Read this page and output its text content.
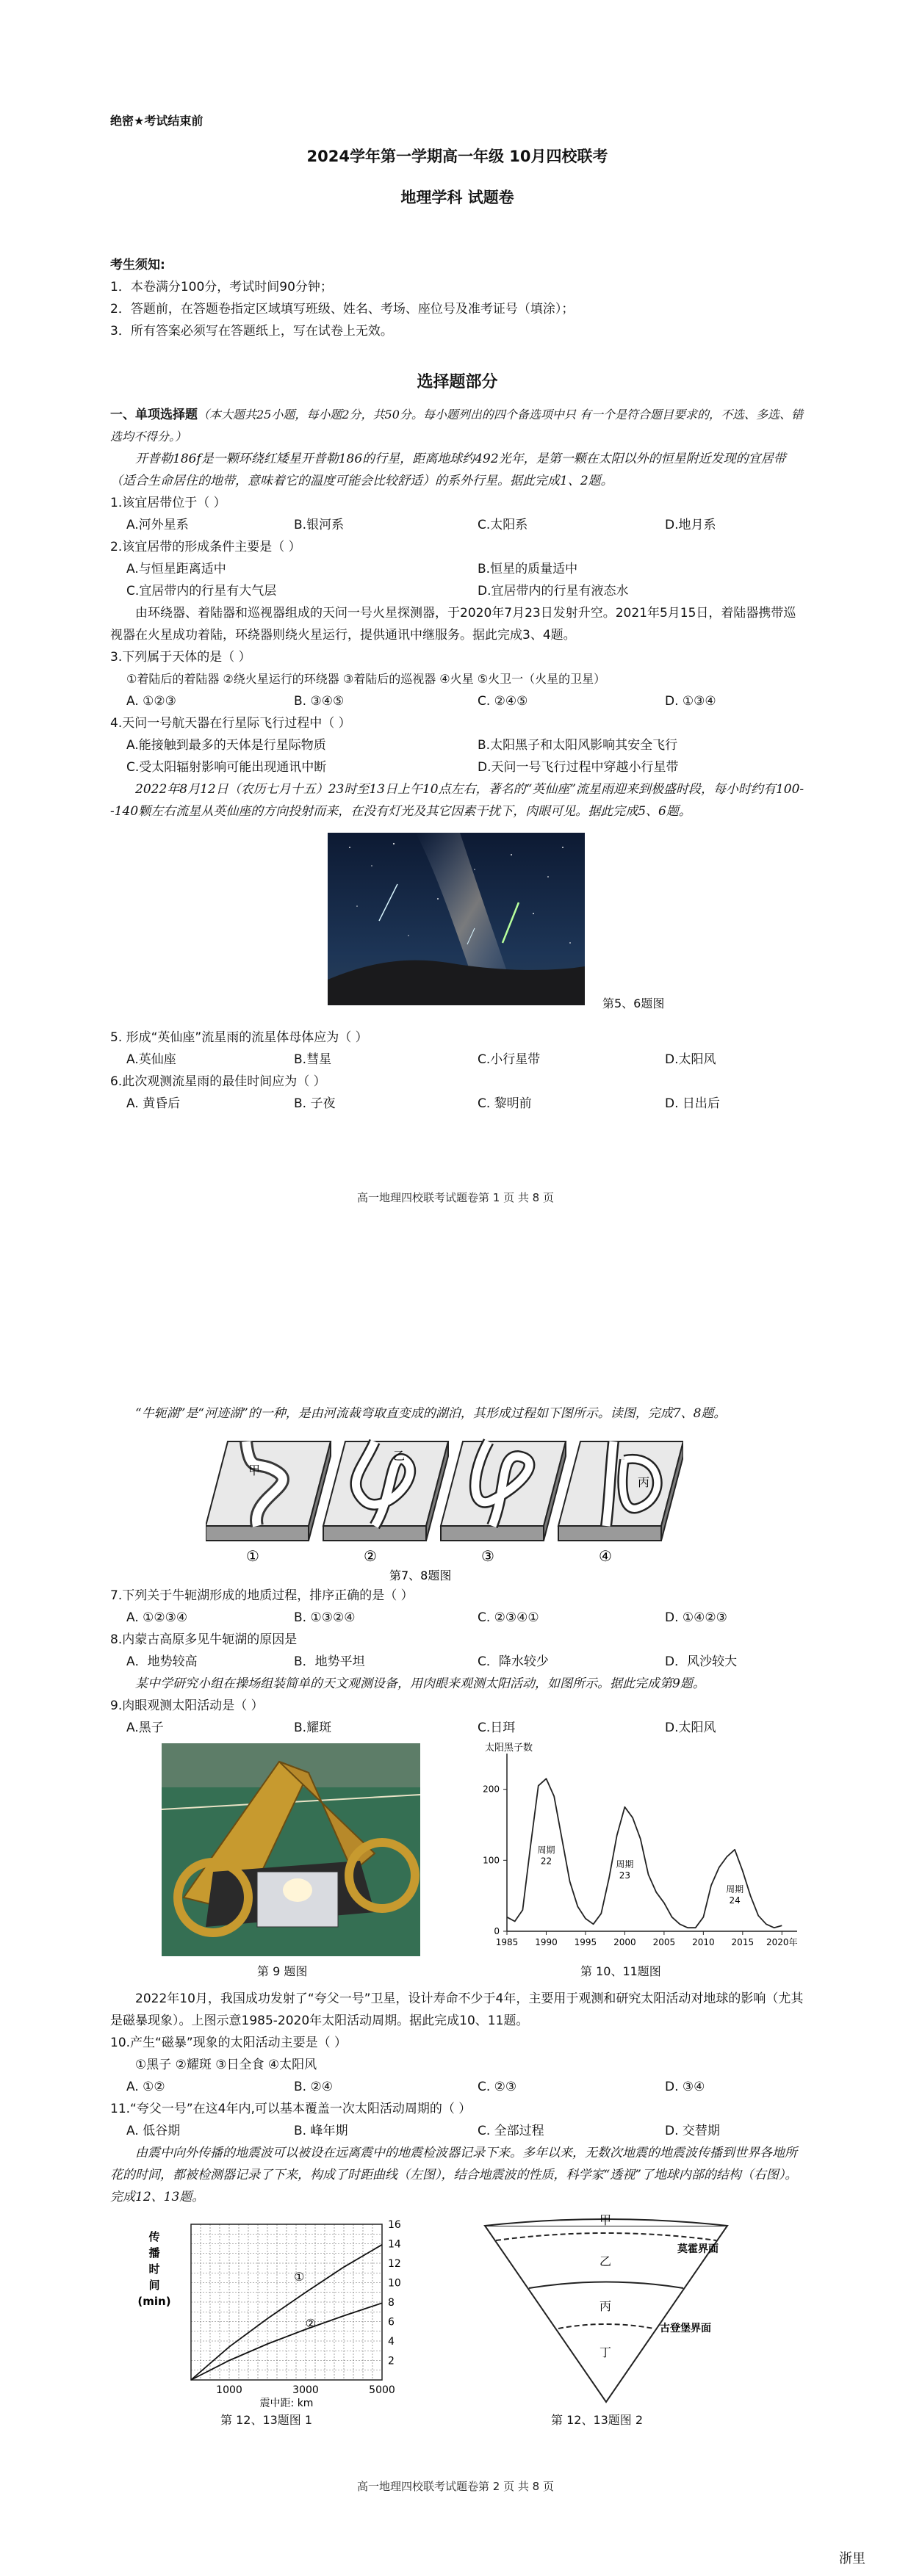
绝密★考试结束前

2024学年第一学期高一年级 10月四校联考

地理学科 试题卷

考生须知:

1．本卷满分100分，考试时间90分钟；

2．答题前，在答题卷指定区域填写班级、姓名、考场、座位号及准考证号（填涂）；

3．所有答案必须写在答题纸上，写在试卷上无效。

选择题部分

一、单项选择题（本大题共25小题，每小题2分，共50分。每小题列出的四个备选项中只 有一个是符合题目要求的，不选、多选、错选均不得分。）

开普勒186f是一颗环绕红矮星开普勒186的行星，距离地球约492光年，是第一颗在太阳以外的恒星附近发现的宜居带（适合生命居住的地带，意味着它的温度可能会比较舒适）的系外行星。据此完成1、2题。

1.该宜居带位于（ ）

A.河外星系	B.银河系	C.太阳系	D.地月系

2.该宜居带的形成条件主要是（ ）

A.与恒星距离适中	B.恒星的质量适中
C.宜居带内的行星有大气层	D.宜居带内的行星有液态水

由环绕器、着陆器和巡视器组成的天问一号火星探测器，于2020年7月23日发射升空。2021年5月15日，着陆器携带巡视器在火星成功着陆，环绕器则绕火星运行，提供通讯中继服务。据此完成3、4题。

3.下列属于天体的是（ ）

①着陆后的着陆器 ②绕火星运行的环绕器 ③着陆后的巡视器 ④火星 ⑤火卫一（火星的卫星）

A. ①②③	B. ③④⑤	C. ②④⑤	D. ①③④

4.天问一号航天器在行星际飞行过程中（ ）

A.能接触到最多的天体是行星际物质	B.太阳黑子和太阳风影响其安全飞行
C.受太阳辐射影响可能出现通讯中断	D.天问一号飞行过程中穿越小行星带

2022年8月12日（农历七月十五）23时至13日上午10点左右，著名的“英仙座”流星雨迎来到极盛时段，每小时约有100--140颗左右流星从英仙座的方向投射而来，在没有灯光及其它因素干扰下，肉眼可见。据此完成5、6题。

第5、6题图

5. 形成“英仙座”流星雨的流星体母体应为（ ）

A.英仙座	B.彗星	C.小行星带	D.太阳风

6.此次观测流星雨的最佳时间应为（ ）

A. 黄昏后	B. 子夜	C. 黎明前	D. 日出后
高一地理四校联考试题卷第 1 页 共 8 页

“牛轭湖”是“河迹湖”的一种，是由河流裁弯取直变成的湖泊，其形成过程如下图所示。读图，完成7、8题。

甲
乙
丙
①	②	③	④
第7、8题图

7.下列关于牛轭湖形成的地质过程，排序正确的是（ ）

A. ①②③④	B. ①③②④	C. ②③④①	D. ①④②③

8.内蒙古高原多见牛轭湖的原因是

A．地势较高	B．地势平坦	C．降水较少	D．风沙较大

某中学研究小组在操场组装简单的天文观测设备，用肉眼来观测太阳活动，如图所示。据此完成第9题。

9.肉眼观测太阳活动是（ ）

A.黑子	B.耀斑	C.日珥	D.太阳风
第 9 题图
太阳黑子数
0
100
200
1985 1990 1995 2000 2005 2010 2015 2020年
周期
22	周期
23
周期
24
第 10、11题图

2022年10月，我国成功发射了“夸父一号”卫星，设计寿命不少于4年，主要用于观测和研究太阳活动对地球的影响（尤其是磁暴现象）。上图示意1985-2020年太阳活动周期。据此完成10、11题。

10.产生“磁暴”现象的太阳活动主要是（ ）

①黑子 ②耀斑 ③日全食 ④太阳风

A. ①②	B. ②④	C. ②③	D. ③④

11.“夸父一号”在这4年内,可以基本覆盖一次太阳活动周期的（ ）

A. 低谷期	B. 峰年期	C. 全部过程	D. 交替期

由震中向外传播的地震波可以被设在远离震中的地震检波器记录下来。多年以来，无数次地震的地震波传播到世界各地所花的时间，都被检测器记录了下来，构成了时距曲线（左图），结合地震波的性质，科学家“透视”了地球内部的结构（右图）。完成12、13题。

传
播
时
间
(min)
2
4
6
8
10
12
14
16
1000	3000	5000
震中距: km
①
②
第 12、13题图 1
甲
乙
丙
丁
莫霍界面
古登堡界面
第 12、13题图 2
高一地理四校联考试题卷第 2 页 共 8 页
浙里
